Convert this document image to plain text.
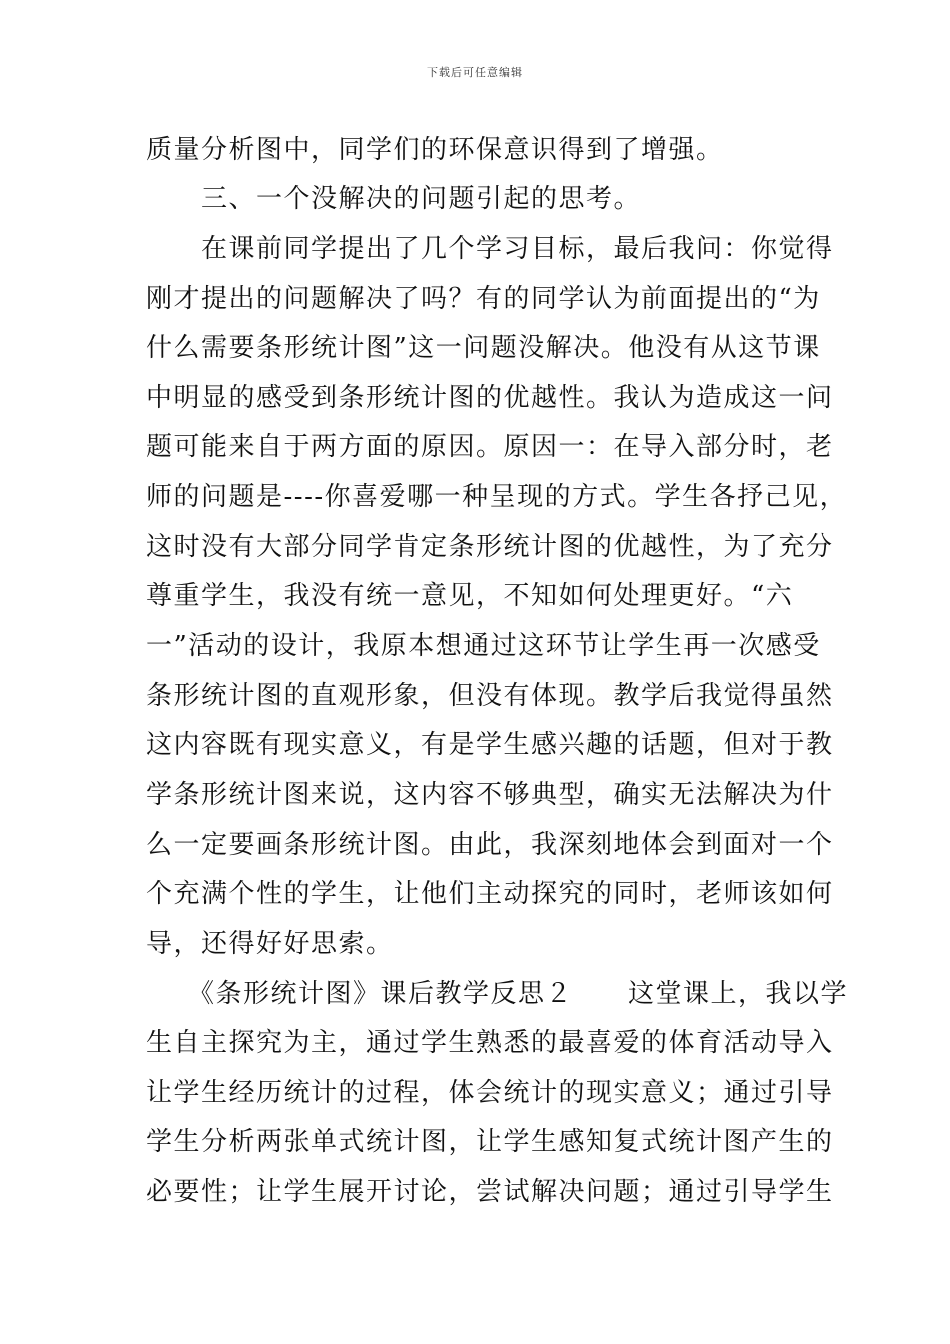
下载后可任意编辑
质量分析图中，同学们的环保意识得到了增强。
　　三、一个没解决的问题引起的思考。
　　在课前同学提出了几个学习目标，最后我问：你觉得
刚才提出的问题解决了吗？有的同学认为前面提出的“为
什么需要条形统计图”这一问题没解决。他没有从这节课
中明显的感受到条形统计图的优越性。我认为造成这一问
题可能来自于两方面的原因。原因一：在导入部分时，老
师的问题是----你喜爱哪一种呈现的方式。学生各抒己见，
这时没有大部分同学肯定条形统计图的优越性，为了充分
尊重学生，我没有统一意见，不知如何处理更好。“六
一”活动的设计，我原本想通过这环节让学生再一次感受
条形统计图的直观形象，但没有体现。教学后我觉得虽然
这内容既有现实意义，有是学生感兴趣的话题，但对于教
学条形统计图来说，这内容不够典型，确实无法解决为什
么一定要画条形统计图。由此，我深刻地体会到面对一个
个充满个性的学生，让他们主动探究的同时，老师该如何
导，还得好好思索。
　　《条形统计图》课后教学反思２　　这堂课上，我以学
生自主探究为主，通过学生熟悉的最喜爱的体育活动导入
让学生经历统计的过程，体会统计的现实意义；通过引导
学生分析两张单式统计图，让学生感知复式统计图产生的
必要性；让学生展开讨论，尝试解决问题；通过引导学生
